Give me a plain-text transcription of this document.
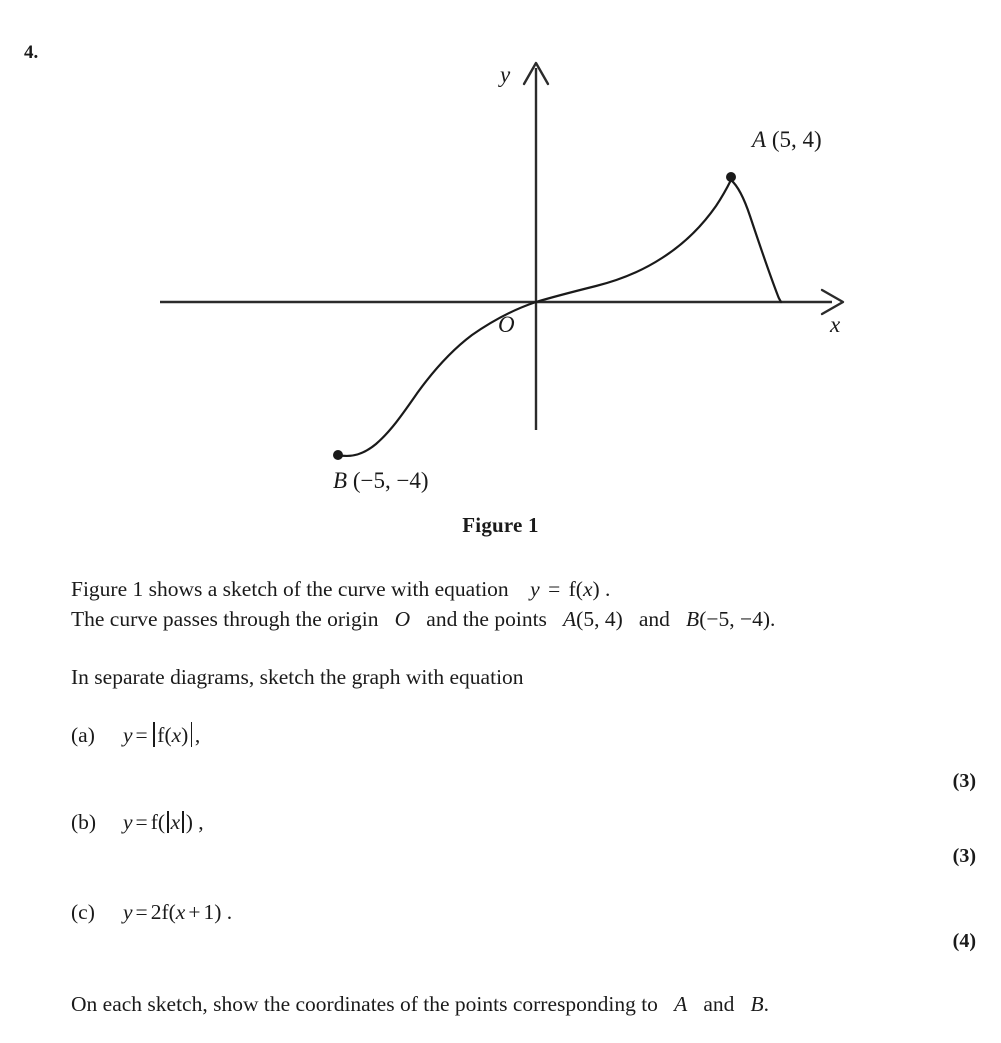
4.
y
x
O
A (5, 4)
B (−5, −4)
Figure 1
Figure 1 shows a sketch of the curve with equation y = f(x) .
The curve passes through the origin O and the points A(5, 4) and B(−5, −4).
In separate diagrams, sketch the graph with equation
(a) y = f(x) ,
(3)
(b) y = f( x ) ,
(3)
(c) y = 2f(x + 1) .
(4)
On each sketch, show the coordinates of the points corresponding to A and B.
